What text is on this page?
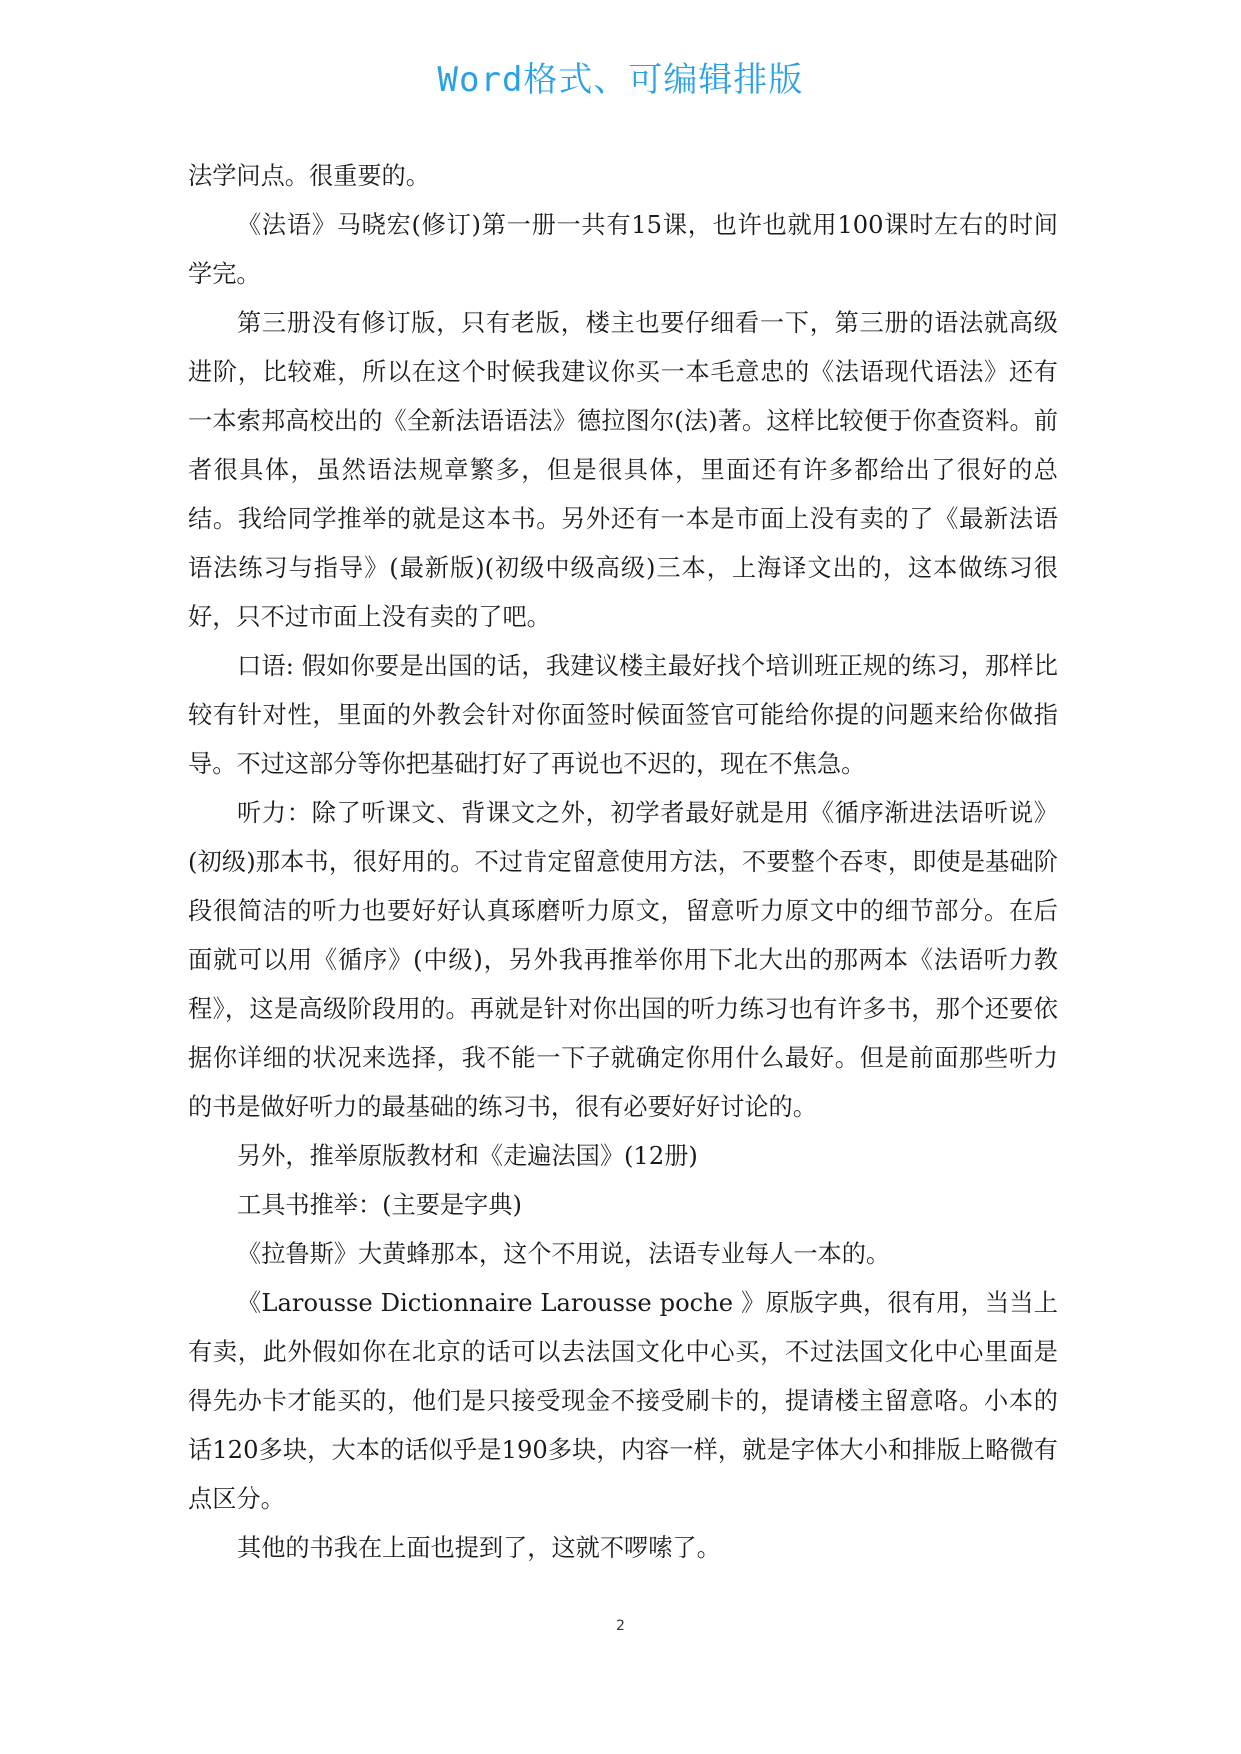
Word格式、可编辑排版

法学问点。很重要的。

《法语》马晓宏(修订)第一册一共有15课，也许也就用100课时左右的时间学完。

第三册没有修订版，只有老版，楼主也要仔细看一下，第三册的语法就高级进阶，比较难，所以在这个时候我建议你买一本毛意忠的《法语现代语法》还有一本索邦高校出的《全新法语语法》德拉图尔(法)著。这样比较便于你查资料。前者很具体，虽然语法规章繁多，但是很具体，里面还有许多都给出了很好的总结。我给同学推举的就是这本书。另外还有一本是市面上没有卖的了《最新法语语法练习与指导》(最新版)(初级中级高级)三本，上海译文出的，这本做练习很好，只不过市面上没有卖的了吧。

口语: 假如你要是出国的话，我建议楼主最好找个培训班正规的练习，那样比较有针对性，里面的外教会针对你面签时候面签官可能给你提的问题来给你做指导。不过这部分等你把基础打好了再说也不迟的，现在不焦急。

听力：除了听课文、背课文之外，初学者最好就是用《循序渐进法语听说》(初级)那本书，很好用的。不过肯定留意使用方法，不要整个吞枣，即使是基础阶段很简洁的听力也要好好认真琢磨听力原文，留意听力原文中的细节部分。在后面就可以用《循序》(中级)，另外我再推举你用下北大出的那两本《法语听力教程》，这是高级阶段用的。再就是针对你出国的听力练习也有许多书，那个还要依据你详细的状况来选择，我不能一下子就确定你用什么最好。但是前面那些听力的书是做好听力的最基础的练习书，很有必要好好讨论的。

另外，推举原版教材和《走遍法国》(12册)

工具书推举：(主要是字典)

《拉鲁斯》大黄蜂那本，这个不用说，法语专业每人一本的。

《Larousse Dictionnaire Larousse poche 》原版字典，很有用，当当上有卖，此外假如你在北京的话可以去法国文化中心买，不过法国文化中心里面是得先办卡才能买的，他们是只接受现金不接受刷卡的，提请楼主留意咯。小本的话120多块，大本的话似乎是190多块，内容一样，就是字体大小和排版上略微有点区分。

其他的书我在上面也提到了，这就不啰嗦了。

2
